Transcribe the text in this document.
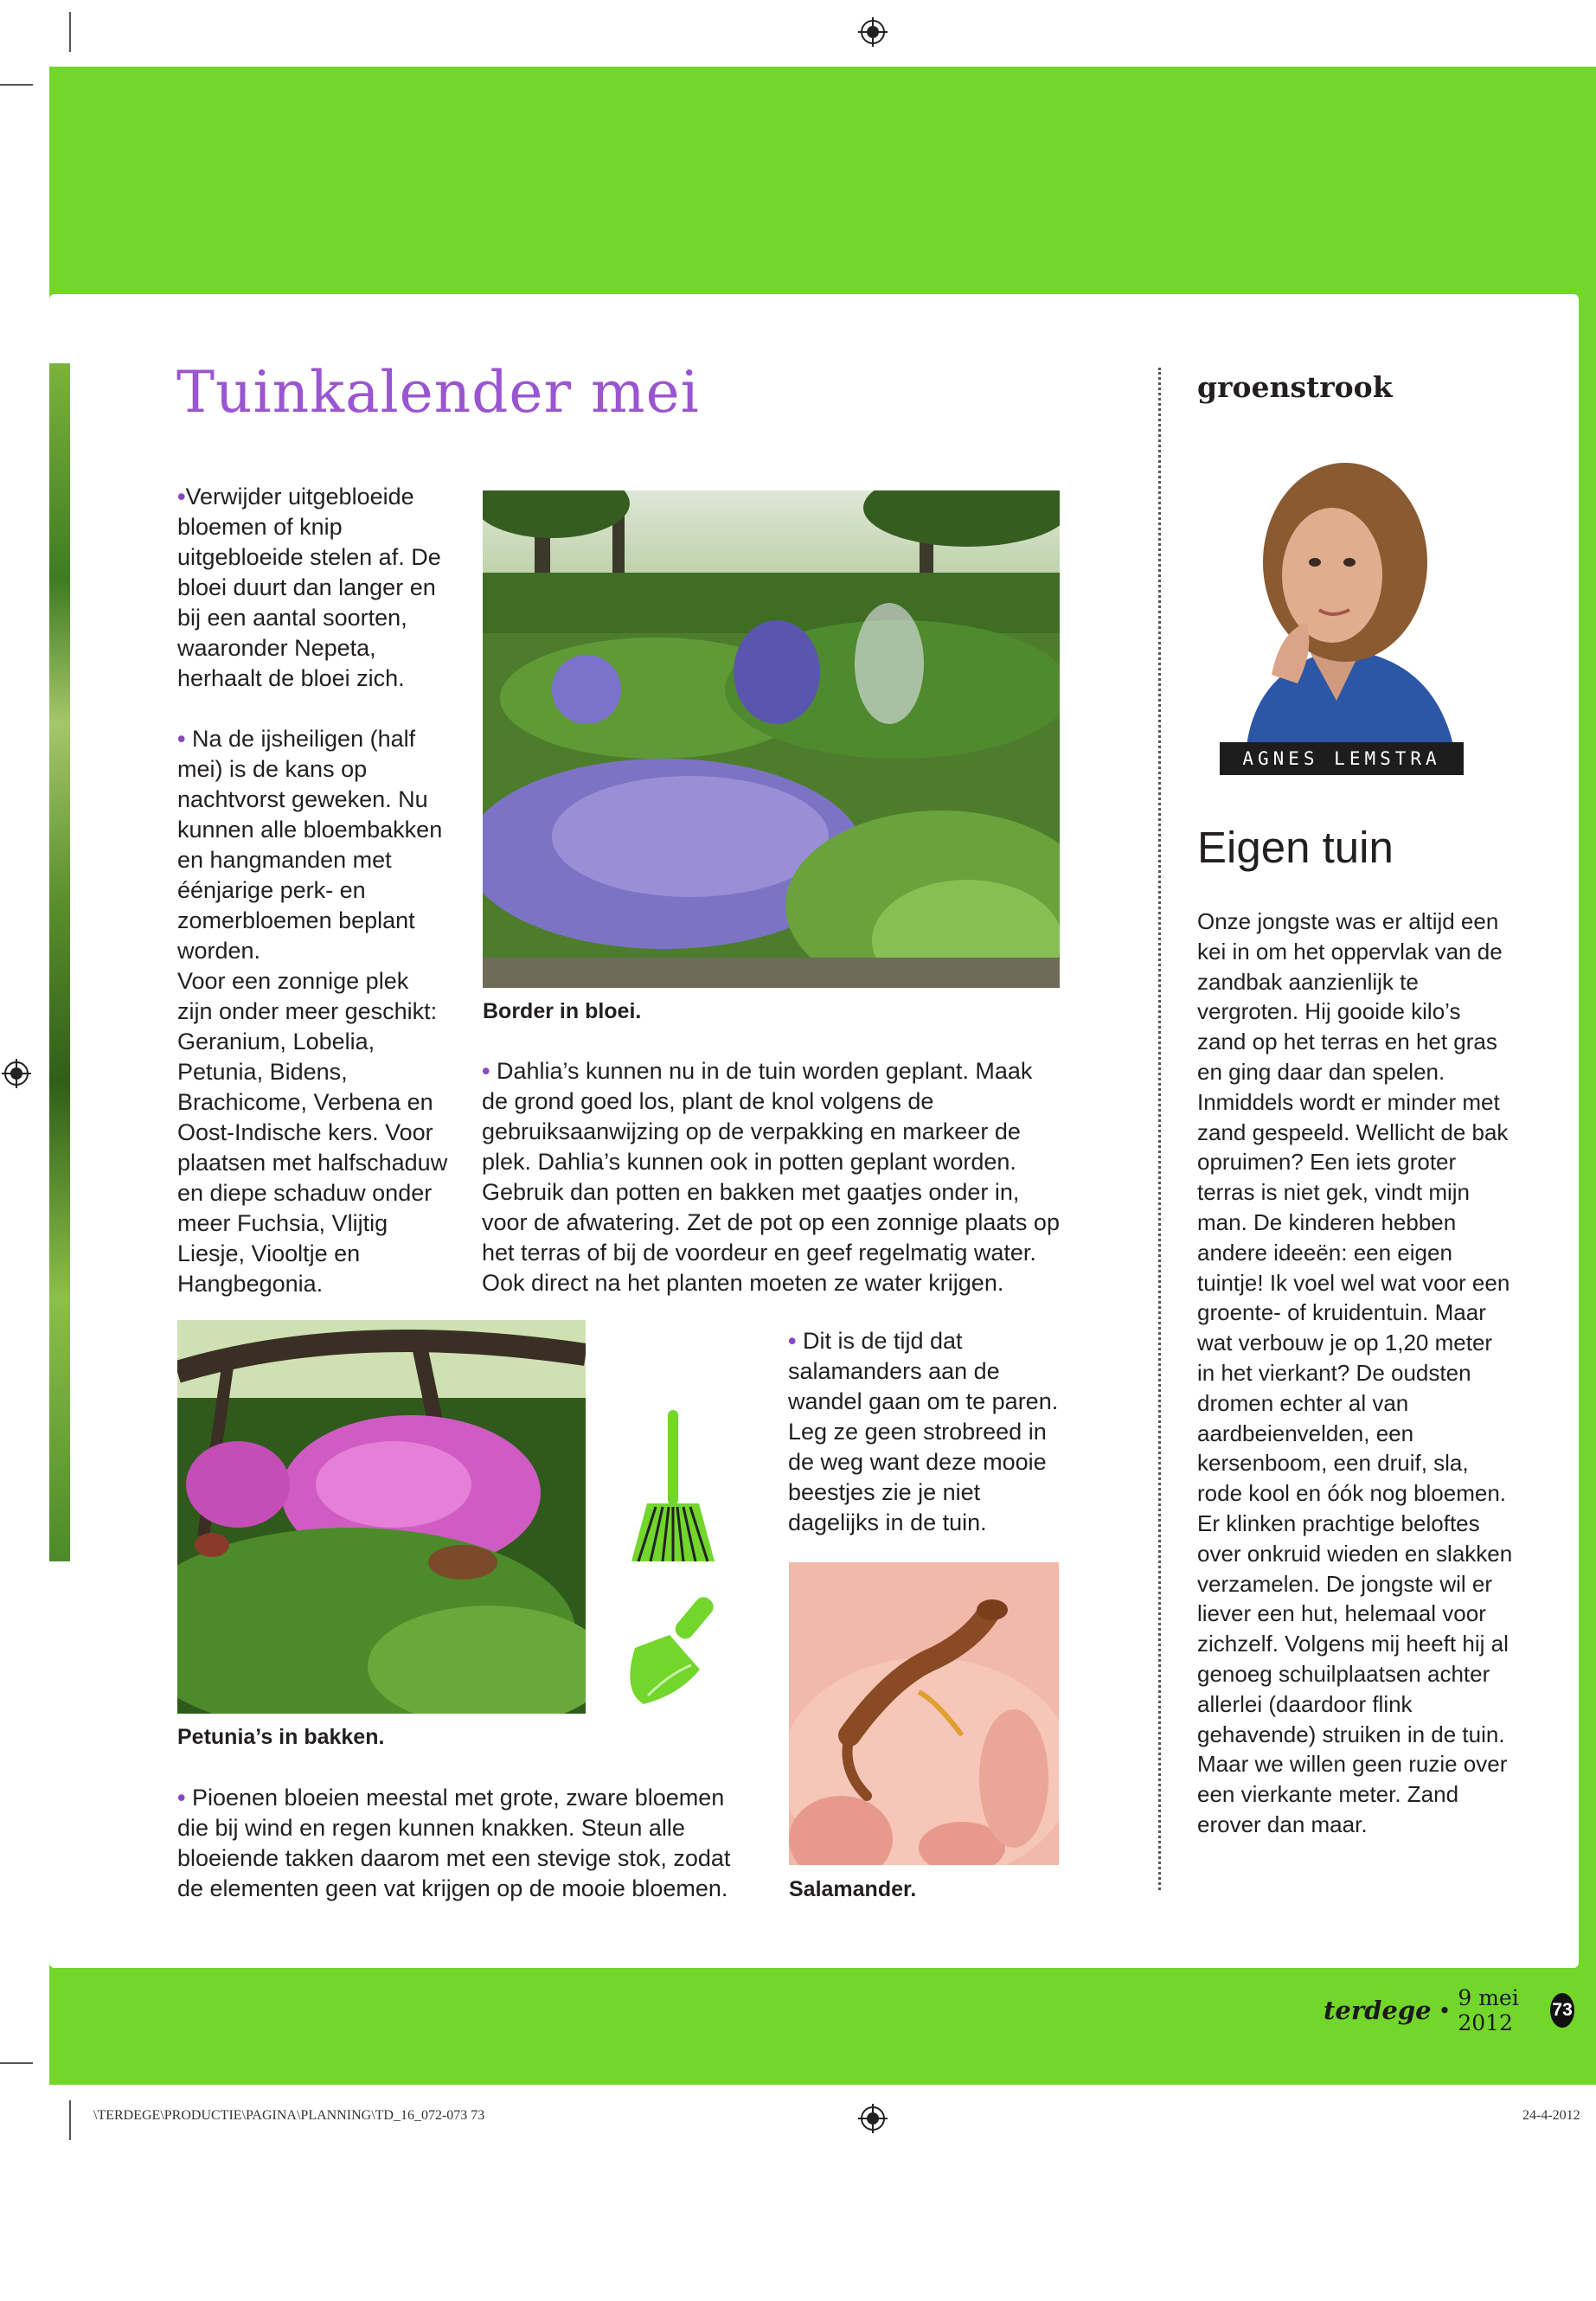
Tuinkalender mei

•Verwijder uitgebloeide bloemen of knip uitgebloeide stelen af. De bloei duurt dan langer en bij een aantal soorten, waaronder Nepeta, herhaalt de bloei zich.

• Na de ijsheiligen (half mei) is de kans op nachtvorst geweken. Nu kunnen alle bloembakken en hangmanden met éénjarige perk- en zomerbloemen beplant worden.

Voor een zonnige plek zijn onder meer geschikt: Geranium, Lobelia, Petunia, Bidens, Brachicome, Verbena en Oost-Indische kers. Voor plaatsen met halfschaduw en diepe schaduw onder meer Fuchsia, Vlijtig Liesje, Viooltje en Hangbegonia.

Border in bloei.

• Dahlia’s kunnen nu in de tuin worden geplant. Maak de grond goed los, plant de knol volgens de gebruiksaanwijzing op de verpakking en markeer de plek. Dahlia’s kunnen ook in potten geplant worden. Gebruik dan potten en bakken met gaatjes onder in, voor de afwatering. Zet de pot op een zonnige plaats op het terras of bij de voordeur en geef regelmatig water. Ook direct na het planten moeten ze water krijgen.

Petunia’s in bakken.

• Dit is de tijd dat salamanders aan de wandel gaan om te paren. Leg ze geen strobreed in de weg want deze mooie beestjes zie je niet dagelijks in de tuin.

Salamander.

• Pioenen bloeien meestal met grote, zware bloemen die bij wind en regen kunnen knakken. Steun alle bloeiende takken daarom met een stevige stok, zodat de elementen geen vat krijgen op de mooie bloemen.

groenstrook

AGNES LEMSTRA
Eigen tuin

Onze jongste was er altijd een kei in om het oppervlak van de zandbak aanzienlijk te vergroten. Hij gooide kilo’s zand op het terras en het gras en ging daar dan spelen. Inmiddels wordt er minder met zand gespeeld. Wellicht de bak opruimen? Een iets groter terras is niet gek, vindt mijn man. De kinderen hebben andere ideeën: een eigen tuintje! Ik voel wel wat voor een groente- of kruidentuin. Maar wat verbouw je op 1,20 meter in het vierkant? De oudsten dromen echter al van aardbeienvelden, een kersenboom, een druif, sla, rode kool en óók nog bloemen. Er klinken prachtige beloftes over onkruid wieden en slakken verzamelen. De jongste wil er liever een hut, helemaal voor zichzelf. Volgens mij heeft hij al genoeg schuilplaatsen achter allerlei (daardoor flink gehavende) struiken in de tuin. Maar we willen geen ruzie over een vierkante meter. Zand erover dan maar.

terdege • 9 mei 2012
73
\TERDEGE\PRODUCTIE\PAGINA\PLANNING\TD_16_072-073 73	24-4-2012
